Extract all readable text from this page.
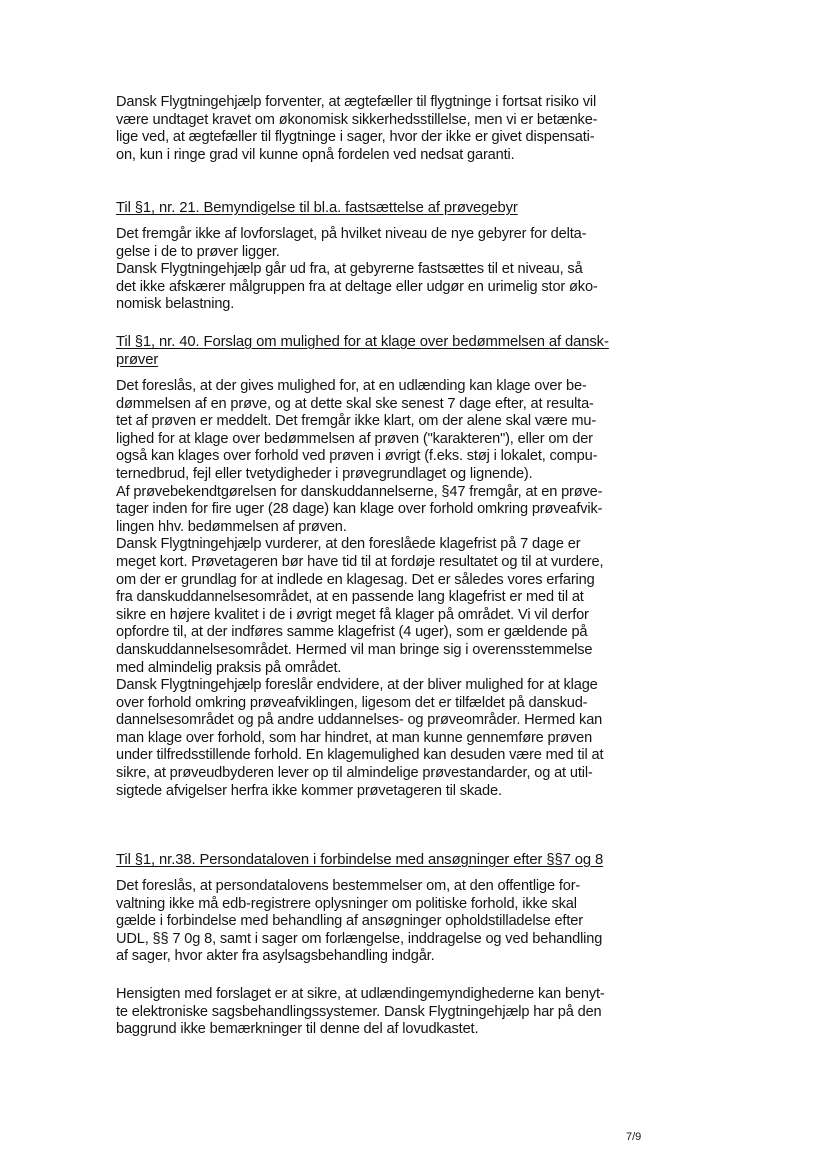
Dansk Flygtningehjælp forventer, at ægtefæller til flygtninge i fortsat risiko vil
være undtaget kravet om økonomisk sikkerhedsstillelse, men vi er betænke-
lige ved, at ægtefæller til flygtninge i sager, hvor der ikke er givet dispensati-
on, kun i ringe grad vil kunne opnå fordelen ved nedsat garanti.
Til §1, nr. 21. Bemyndigelse til bl.a. fastsættelse af prøvegebyr
Det fremgår ikke af lovforslaget, på hvilket niveau de nye gebyrer for delta-
gelse i de to prøver ligger.
Dansk Flygtningehjælp går ud fra, at gebyrerne fastsættes til et niveau, så
det ikke afskærer målgruppen fra at deltage eller udgør en urimelig stor øko-
nomisk belastning.
Til §1, nr. 40. Forslag om mulighed for at klage over bedømmelsen af dansk-
prøver
Det foreslås, at der gives mulighed for, at en udlænding kan klage over be-
dømmelsen af en prøve, og at dette skal ske senest 7 dage efter, at resulta-
tet af prøven er meddelt. Det fremgår ikke klart, om der alene skal være mu-
lighed for at klage over bedømmelsen af prøven ("karakteren"), eller om der
også kan klages over forhold ved prøven i øvrigt (f.eks. støj i lokalet, compu-
ternedbrud, fejl eller tvetydigheder i prøvegrundlaget og lignende).
Af prøvebekendtgørelsen for danskuddannelserne, §47 fremgår, at en prøve-
tager inden for fire uger (28 dage) kan klage over forhold omkring prøveafvik-
lingen hhv. bedømmelsen af prøven.
Dansk Flygtningehjælp vurderer, at den foreslåede klagefrist på 7 dage er
meget kort. Prøvetageren bør have tid til at fordøje resultatet og til at vurdere,
om der er grundlag for at indlede en klagesag. Det er således vores erfaring
fra danskuddannelsesområdet, at en passende lang klagefrist er med til at
sikre en højere kvalitet i de i øvrigt meget få klager på området. Vi vil derfor
opfordre til, at der indføres samme klagefrist (4 uger), som er gældende på
danskuddannelsesområdet. Hermed vil man bringe sig i overensstemmelse
med almindelig praksis på området.
Dansk Flygtningehjælp foreslår endvidere, at der bliver mulighed for at klage
over forhold omkring prøveafviklingen, ligesom det er tilfældet på danskud-
dannelsesområdet og på andre uddannelses- og prøveområder. Hermed kan
man klage over forhold, som har hindret, at man kunne gennemføre prøven
under tilfredsstillende forhold. En klagemulighed kan desuden være med til at
sikre, at prøveudbyderen lever op til almindelige prøvestandarder, og at util-
sigtede afvigelser herfra ikke kommer prøvetageren til skade.
Til §1, nr.38. Persondataloven i forbindelse med ansøgninger efter §§7 og 8
Det foreslås, at persondatalovens bestemmelser om, at den offentlige for-
valtning ikke må edb-registrere oplysninger om politiske forhold, ikke skal
gælde i forbindelse med behandling af ansøgninger opholdstilladelse efter
UDL, §§ 7 0g 8, samt i sager om forlængelse, inddragelse og ved behandling
af sager, hvor akter fra asylsagsbehandling indgår.
Hensigten med forslaget er at sikre, at udlændingemyndighederne kan benyt-
te elektroniske sagsbehandlingssystemer. Dansk Flygtningehjælp har på den
baggrund ikke bemærkninger til denne del af lovudkastet.
7/9
